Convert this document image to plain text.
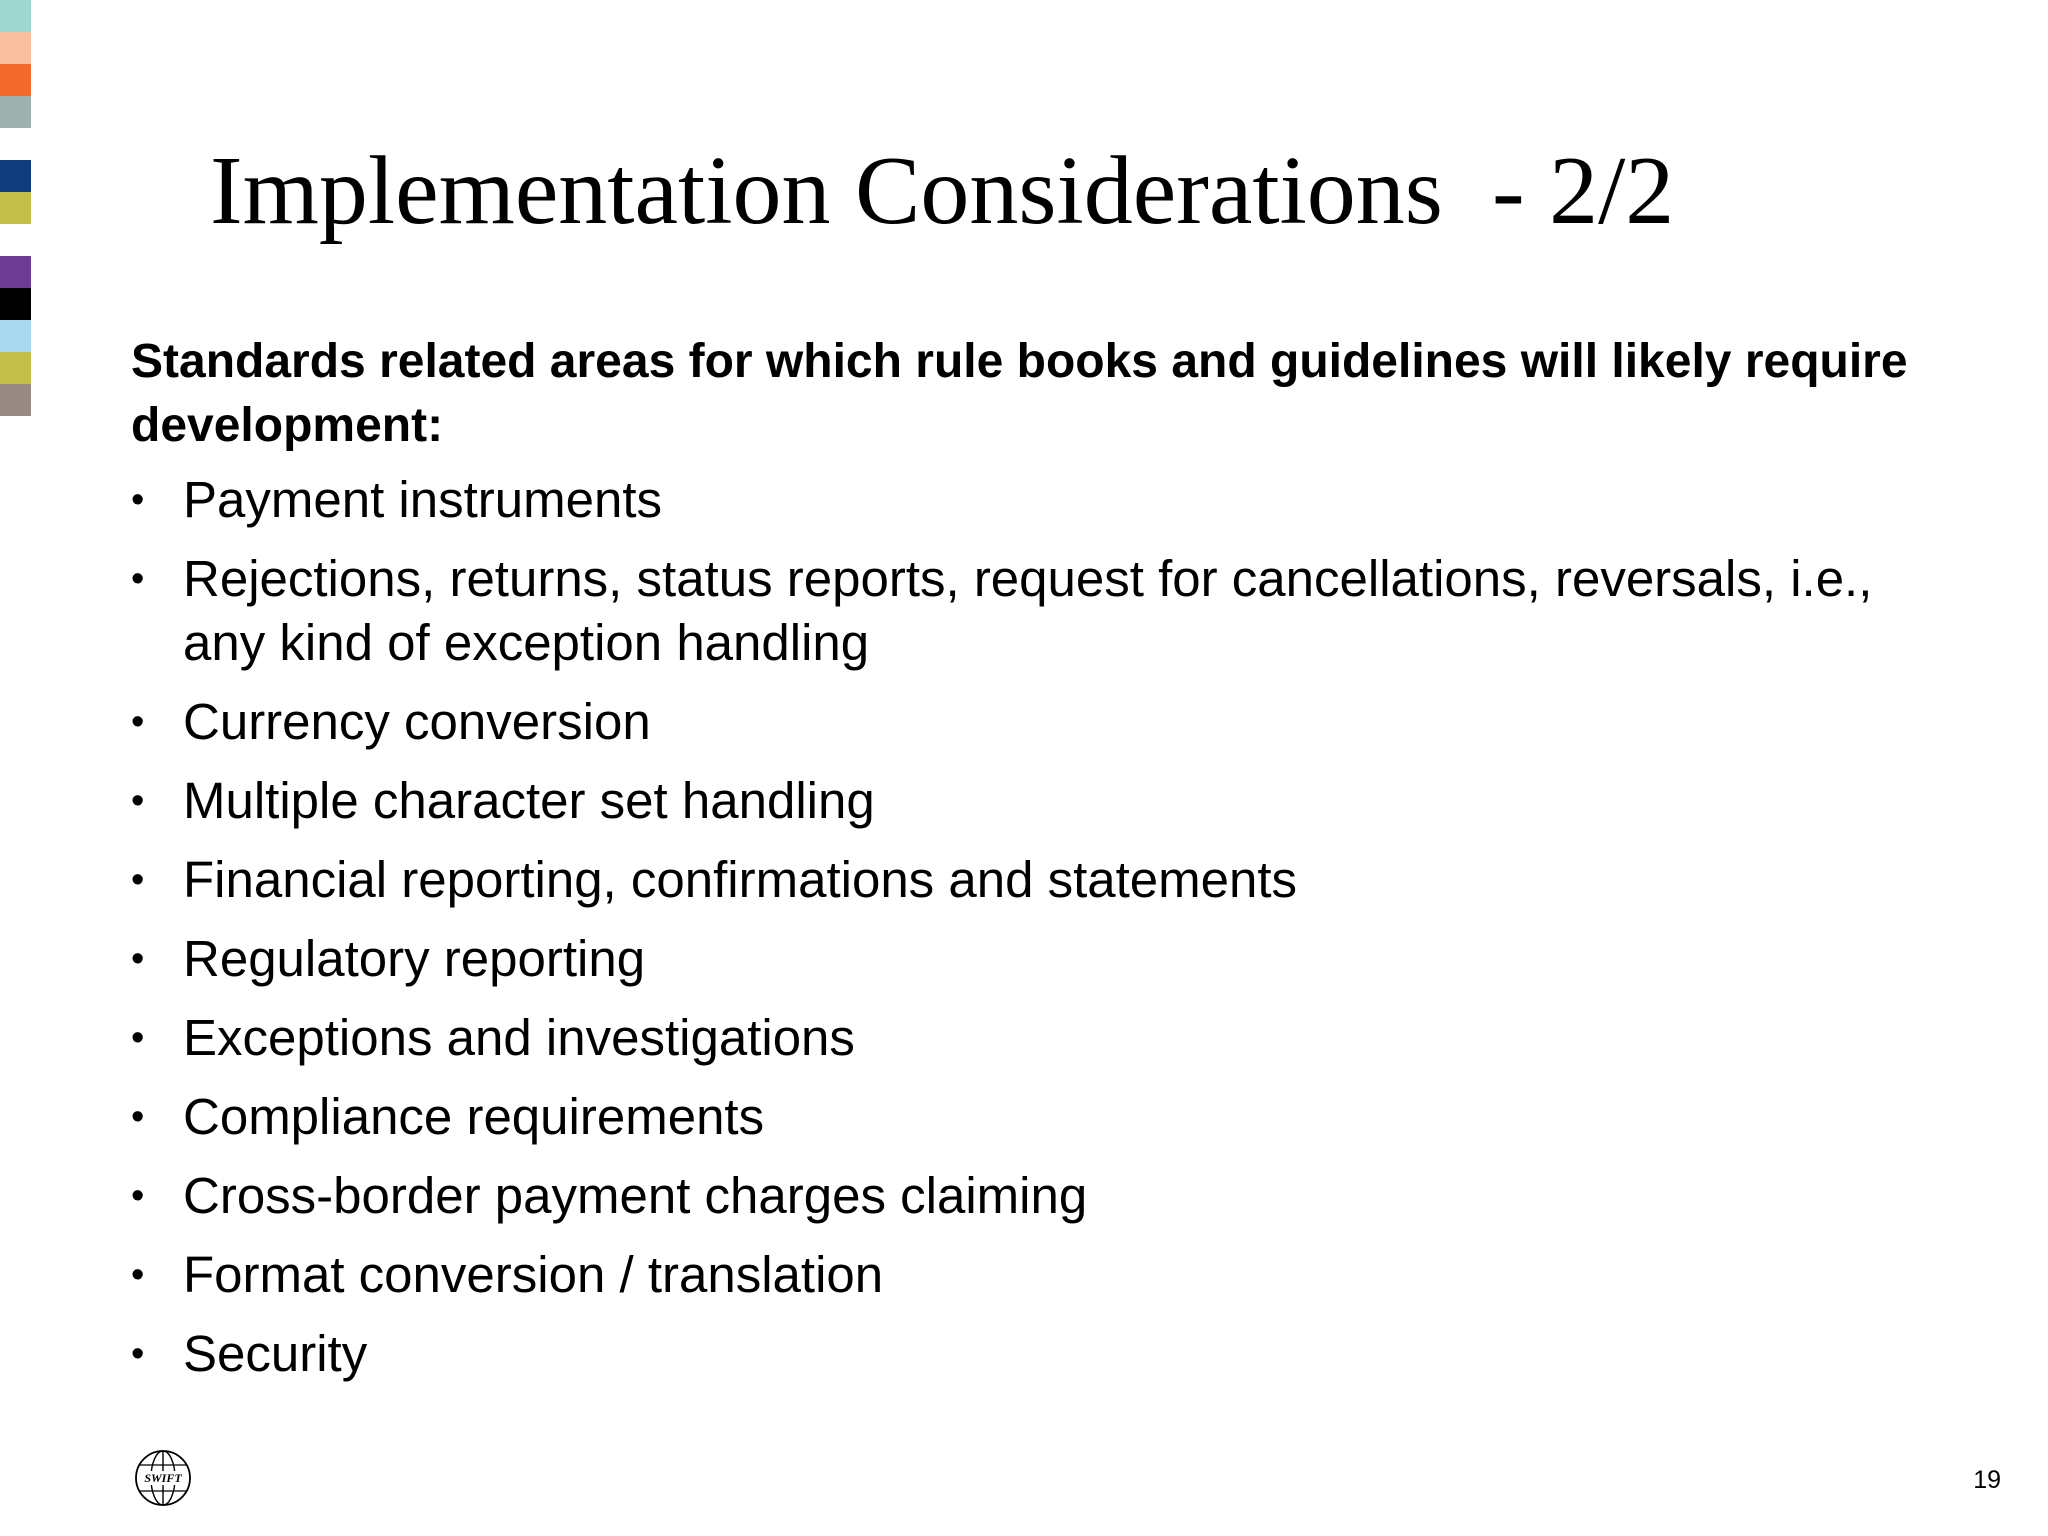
Implementation Considerations  - 2/2

Standards related areas for which rule books and guidelines will likely require development:

• Payment instruments
• Rejections, returns, status reports, request for cancellations, reversals, i.e., any kind of exception handling
• Currency conversion
• Multiple character set handling
• Financial reporting, confirmations and statements
• Regulatory reporting
• Exceptions and investigations
• Compliance requirements
• Cross-border payment charges claiming
• Format conversion / translation
• Security
SWIFT	19
